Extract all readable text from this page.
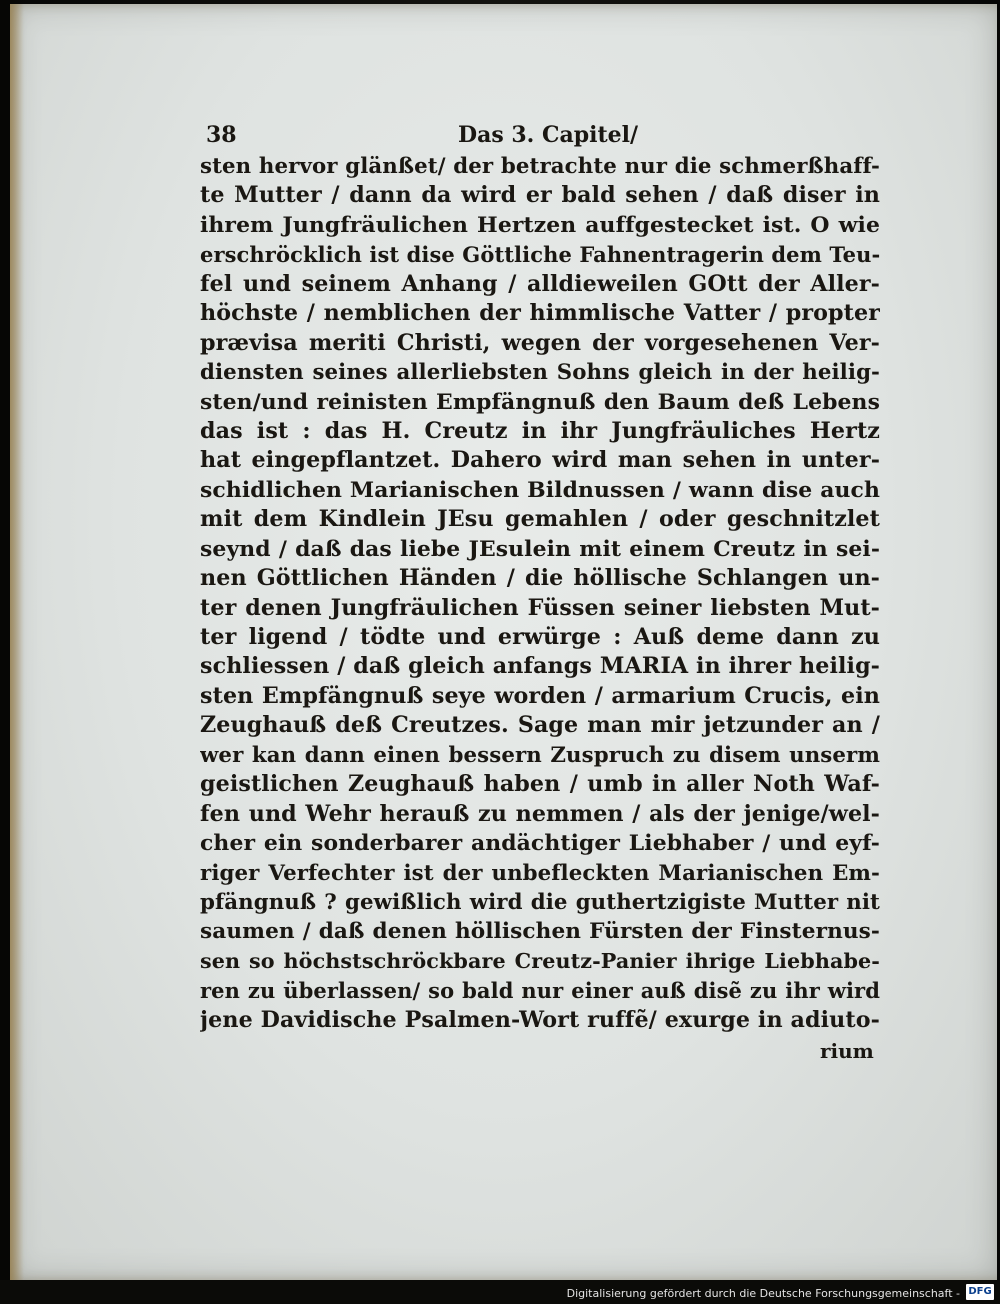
38	Das 3. Capitel/
sten hervor glänßet/ der betrachte nur die schmerßhaff-
te Mutter / dann da wird er bald sehen / daß diser in
ihrem Jungfräulichen Hertzen auffgestecket ist. O wie
erschröcklich ist dise Göttliche Fahnentragerin dem Teu-
fel und seinem Anhang / alldieweilen GOtt der Aller-
höchste / nemblichen der himmlische Vatter / propter
prævisa meriti Christi, wegen der vorgesehenen Ver-
diensten seines allerliebsten Sohns gleich in der heilig-
sten/und reinisten Empfängnuß den Baum deß Lebens
das ist : das H. Creutz in ihr Jungfräuliches Hertz
hat eingepflantzet. Dahero wird man sehen in unter-
schidlichen Marianischen Bildnussen / wann dise auch
mit dem Kindlein JEsu gemahlen / oder geschnitzlet
seynd / daß das liebe JEsulein mit einem Creutz in sei-
nen Göttlichen Händen / die höllische Schlangen un-
ter denen Jungfräulichen Füssen seiner liebsten Mut-
ter ligend / tödte und erwürge : Auß deme dann zu
schliessen / daß gleich anfangs MARIA in ihrer heilig-
sten Empfängnuß seye worden / armarium Crucis, ein
Zeughauß deß Creutzes. Sage man mir jetzunder an /
wer kan dann einen bessern Zuspruch zu disem unserm
geistlichen Zeughauß haben / umb in aller Noth Waf-
fen und Wehr herauß zu nemmen / als der jenige/wel-
cher ein sonderbarer andächtiger Liebhaber / und eyf-
riger Verfechter ist der unbefleckten Marianischen Em-
pfängnuß ? gewißlich wird die guthertzigiste Mutter nit
saumen / daß denen höllischen Fürsten der Finsternus-
sen so höchstschröckbare Creutz-Panier ihrige Liebhabe-
ren zu überlassen/ so bald nur einer auß disẽ zu ihr wird
jene Davidische Psalmen-Wort ruffẽ/ exurge in adiuto-
rium
Digitalisierung gefördert durch die Deutsche Forschungsgemeinschaft - DFG
